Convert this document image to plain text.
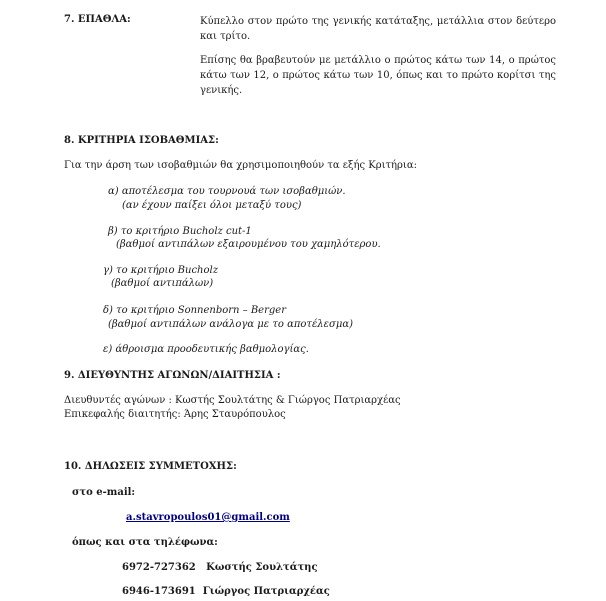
7. ΕΠΑΘΛΑ:	Κύπελλο στον πρώτο της γενικής κατάταξης, μετάλλια στον δεύτερο και τρίτο.
Επίσης θα βραβευτούν με μετάλλιο ο πρώτος κάτω των 14, ο πρώτος κάτω των 12, ο πρώτος κάτω των 10, όπως και το πρώτο κορίτσι της γενικής.
8. ΚΡΙΤΗΡΙΑ ΙΣΟΒΑΘΜΙΑΣ:
Για την άρση των ισοβαθμιών θα χρησιμοποιηθούν τα εξής Κριτήρια:
α) αποτέλεσμα του τουρνουά των ισοβαθμιών.
(αν έχουν παίξει όλοι μεταξύ τους)
β) το κριτήριο Bucholz cut-1
(βαθμοί αντιπάλων εξαιρουμένου του χαμηλότερου.
γ) το κριτήριο Bucholz
(βαθμοί αντιπάλων)
δ) το κριτήριο Sonnenborn – Berger
(βαθμοί αντιπάλων ανάλογα με το αποτέλεσμα)
ε) άθροισμα προοδευτικής βαθμολογίας.
9. ΔΙΕΥΘΥΝΤΗΣ ΑΓΩΝΩΝ/ΔΙΑΙΤΗΣΙΑ :
Διευθυντές αγώνων : Κωστής Σουλτάτης & Γιώργος Πατριαρχέας
Επικεφαλής διαιτητής: Άρης Σταυρόπουλος
10. ΔΗΛΩΣΕΙΣ ΣΥΜΜΕΤΟΧΗΣ:
στο e-mail:
a.stavropoulos01@gmail.com
όπως και στα τηλέφωνα:
6972-727362   Κωστής Σουλτάτης
6946-173691  Γιώργος Πατριαρχέας
